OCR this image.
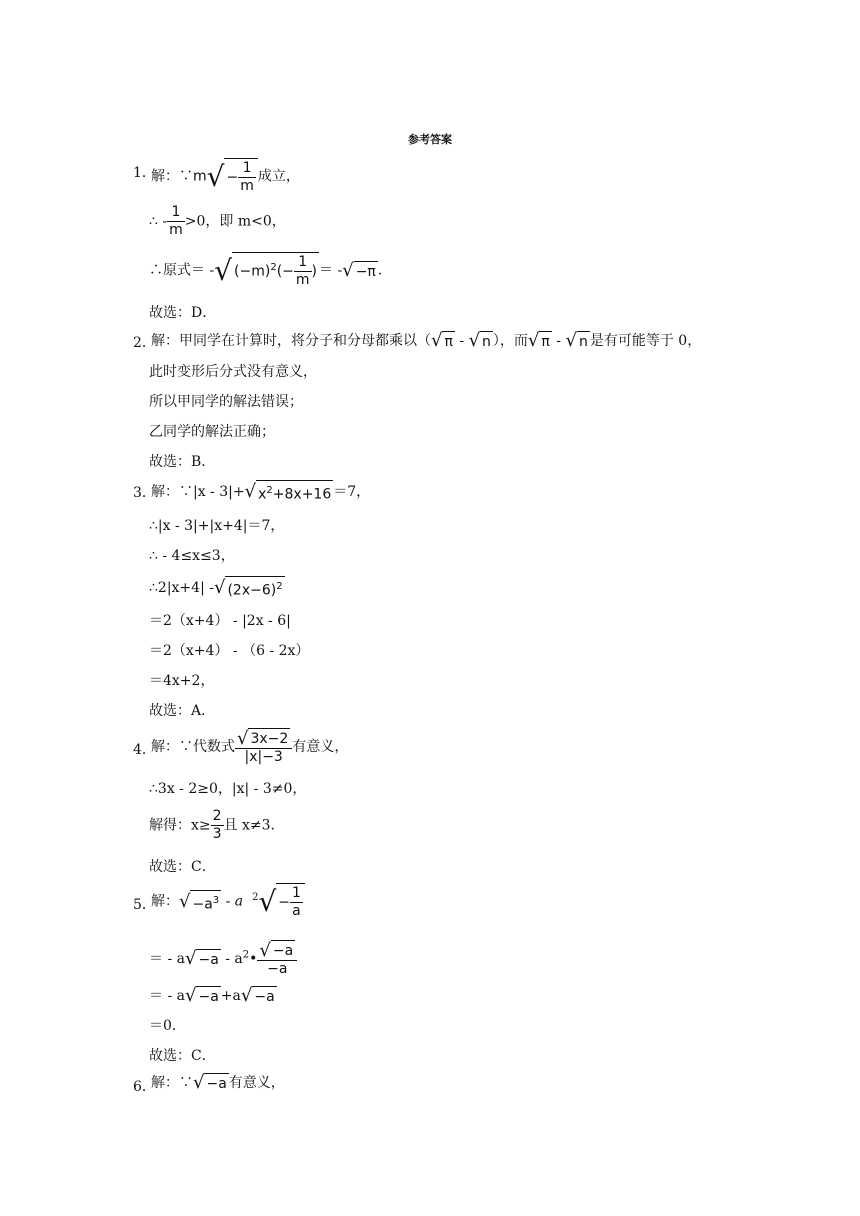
参考答案
1．
解：∵m√ − $\frac{1}{m}$ 成立，
∴ - $\frac{1}{m} >0$，即 m<0，
∴原式＝ -√ $(-m)^2(- \frac{1}{m}$ ) ＝ -√ −π .
故选：D．
2．
解：甲同学在计算时，将分子和分母都乘以（√ π - √ n ），而√ π - √ n 是有可能等于 0，
此时变形后分式没有意义，
所以甲同学的解法错误；
乙同学的解法正确；
故选：B．
3．
解：∵|x - 3|+√ $x^2+8x+16 =7$，
∴|x - 3|+|x+4|＝7，
∴ - 4≤x≤3，
∴2|x+4| -√ $(2x-6)^2$
＝2（x+4） - |2x - 6|
＝2（x+4） - （6 - 2x）
＝4x+2，
故选：A．
4．
解：∵代数式 $\frac{√ 3x-2}{|x|-3}$ 有意义，
∴3x - 2≥0，|x| - 3≠0，
解得：$x\ge \frac{2}{3}$ 且 x≠3．
故选：C．
5．
解：√ $-a^3 - a$ $^2√ - \frac{1}{a}$
＝ - $a√ -a - a^2• \frac{√ -a}{-a}$
＝ - a√ −a +a√ −a
＝0．
故选：C．
6．
解：∵√ −a 有意义，
